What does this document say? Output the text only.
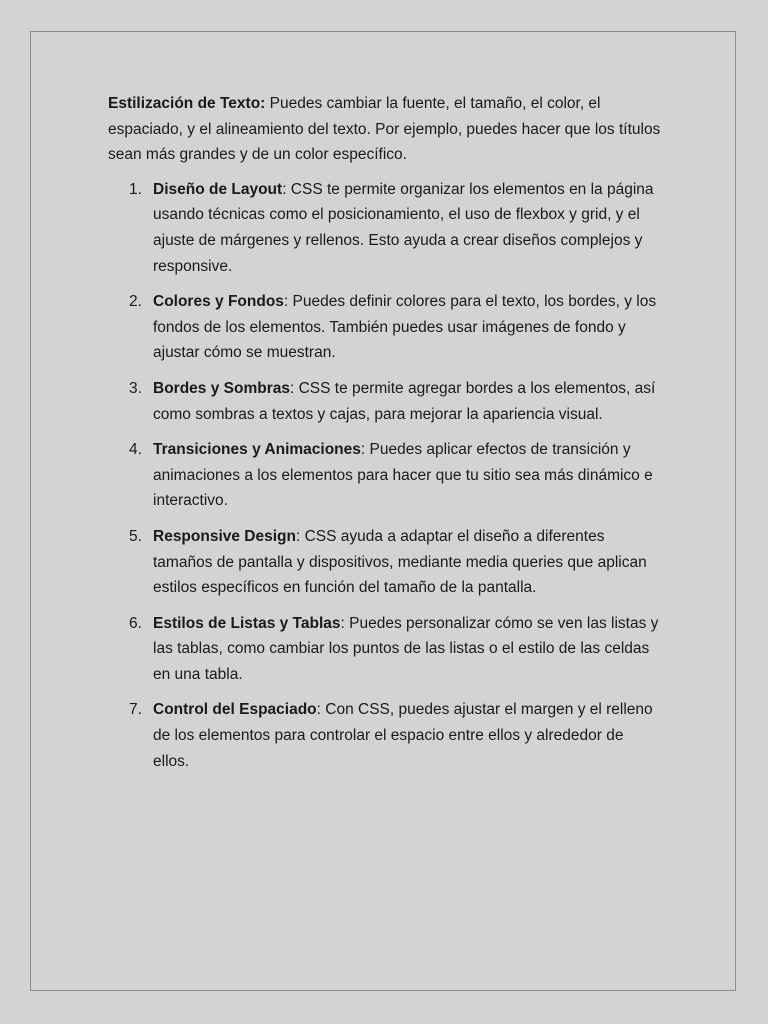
Estilización de Texto: Puedes cambiar la fuente, el tamaño, el color, el espaciado, y el alineamiento del texto. Por ejemplo, puedes hacer que los títulos sean más grandes y de un color específico.

1. Diseño de Layout: CSS te permite organizar los elementos en la página usando técnicas como el posicionamiento, el uso de flexbox y grid, y el ajuste de márgenes y rellenos. Esto ayuda a crear diseños complejos y responsive.
2. Colores y Fondos: Puedes definir colores para el texto, los bordes, y los fondos de los elementos. También puedes usar imágenes de fondo y ajustar cómo se muestran.
3. Bordes y Sombras: CSS te permite agregar bordes a los elementos, así como sombras a textos y cajas, para mejorar la apariencia visual.
4. Transiciones y Animaciones: Puedes aplicar efectos de transición y animaciones a los elementos para hacer que tu sitio sea más dinámico e interactivo.
5. Responsive Design: CSS ayuda a adaptar el diseño a diferentes tamaños de pantalla y dispositivos, mediante media queries que aplican estilos específicos en función del tamaño de la pantalla.
6. Estilos de Listas y Tablas: Puedes personalizar cómo se ven las listas y las tablas, como cambiar los puntos de las listas o el estilo de las celdas en una tabla.
7. Control del Espaciado: Con CSS, puedes ajustar el margen y el relleno de los elementos para controlar el espacio entre ellos y alrededor de ellos.
